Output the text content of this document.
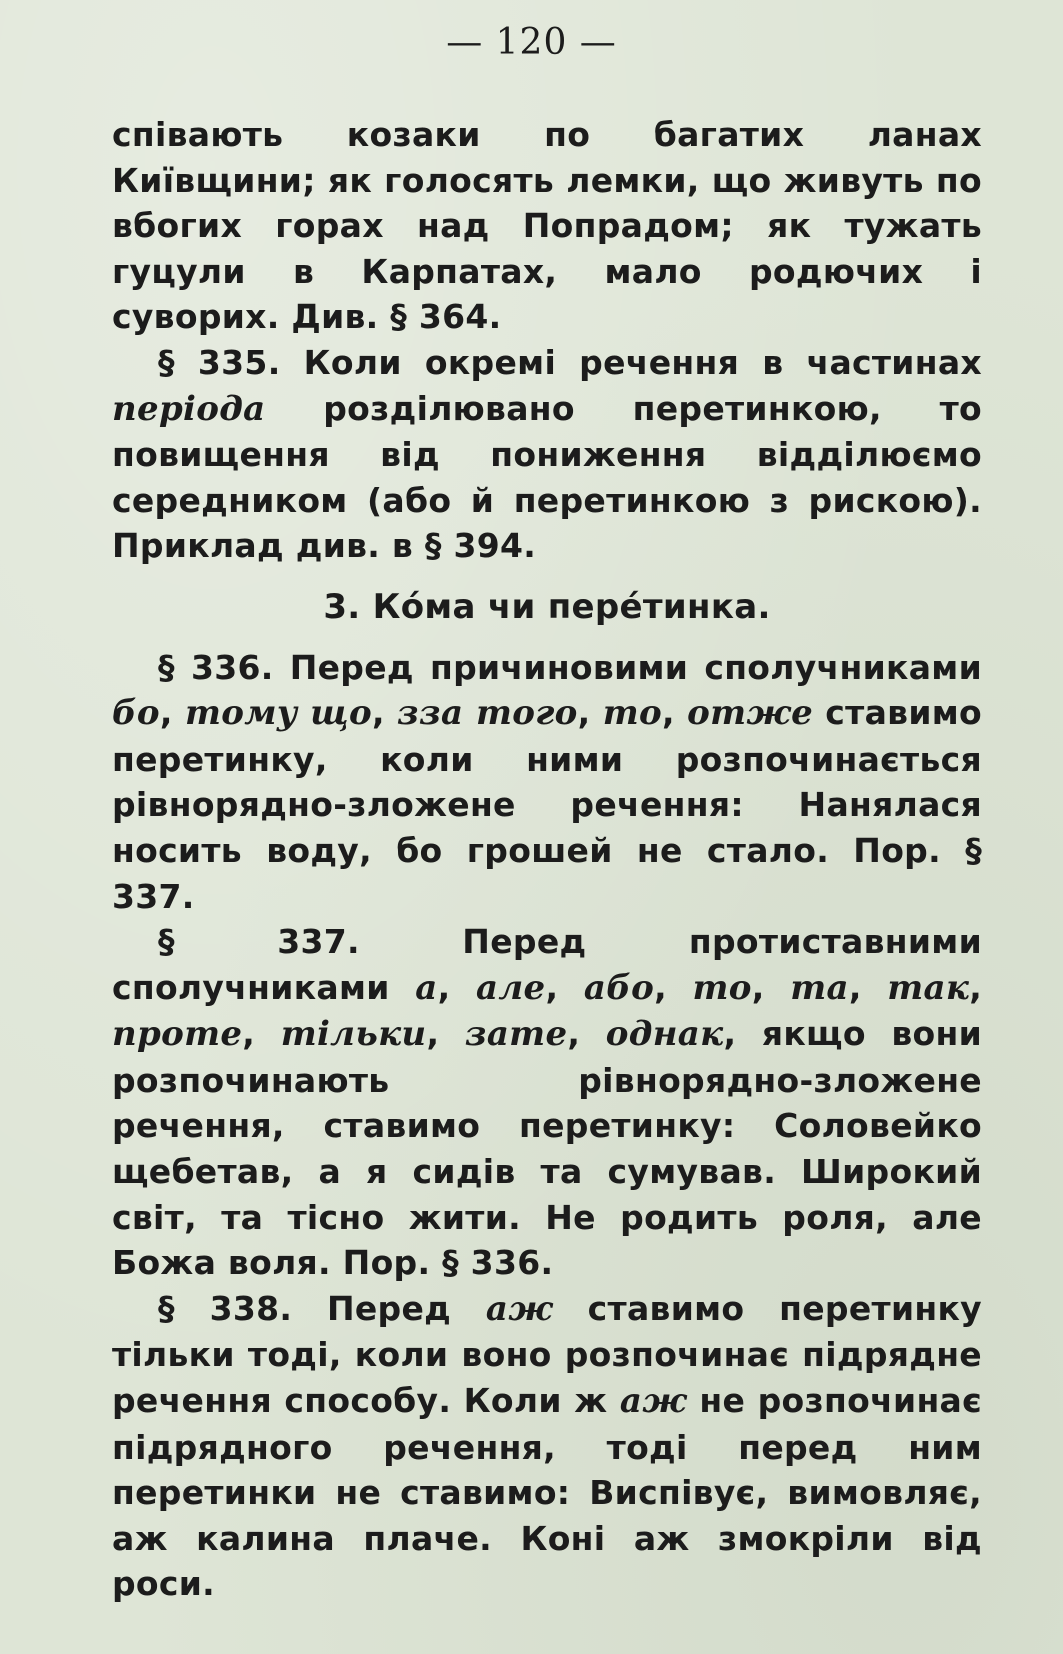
— 120 —

співають козаки по багатих ланах Київщини; як голосять лемки, що живуть по вбогих горах над Попрадом; як тужать гуцули в Карпатах, мало родючих і суворих. Див. § 364.

§ 335. Коли окремі речення в частинах періода розділювано перетинкою, то повищення від пониження відділюємо середником (або й перетинкою з рискою). Приклад див. в § 394.

3. Ко́ма чи пере́тинка.

§ 336. Перед причиновими сполучниками бо, тому що, зза того, то, отже ставимо перетинку, коли ними розпочинається рівнорядно-зложене речення: Нанялася носить воду, бо грошей не стало. Пор. § 337.

§ 337. Перед протиставними сполучниками а, але, або, то, та, так, проте, тільки, зате, однак, якщо вони розпочинають рівнорядно-зложене речення, ставимо перетинку: Соловейко щебетав, а я сидів та сумував. Широкий світ, та тісно жити. Не родить роля, але Божа воля. Пор. § 336.

§ 338. Перед аж ставимо перетинку тільки тоді, коли воно розпочинає підрядне речення способу. Коли ж аж не розпочинає підрядного речення, тоді перед ним перетинки не ставимо: Виспівує, вимовляє, аж калина плаче. Коні аж змокріли від роси.
